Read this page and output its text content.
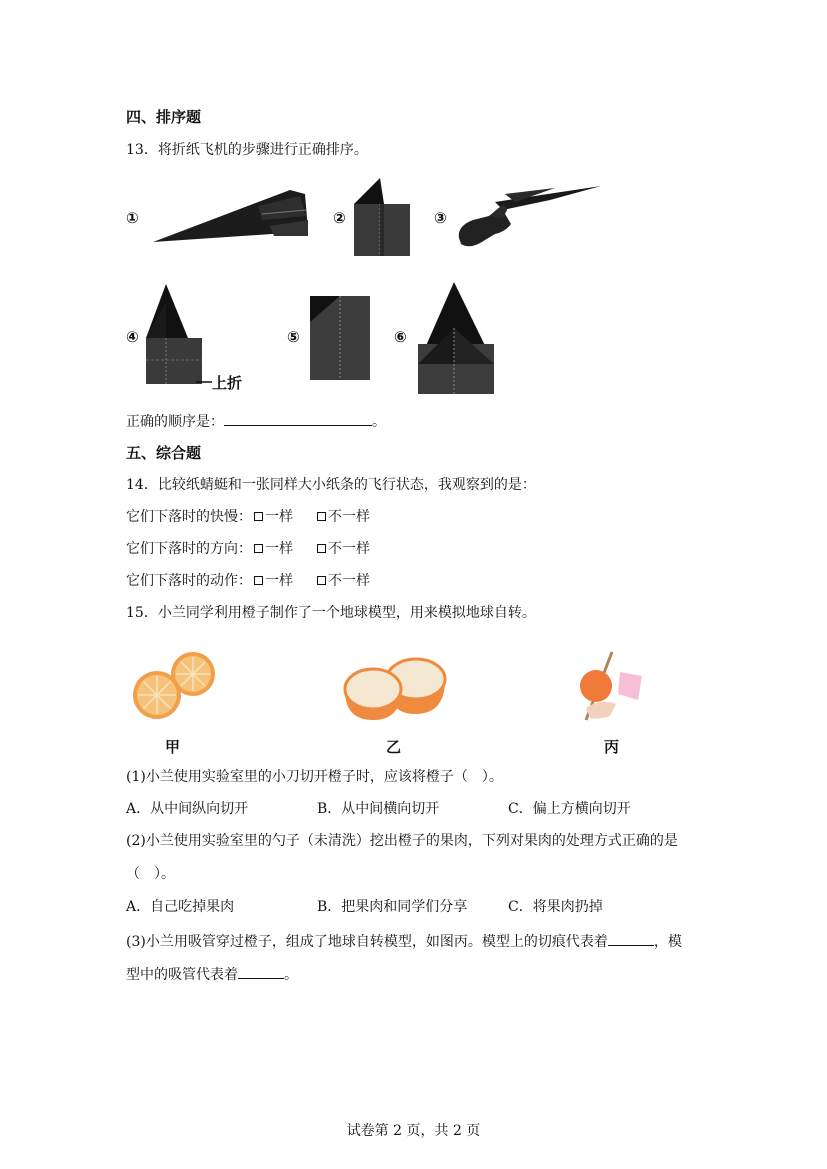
四、排序题
13．将折纸飞机的步骤进行正确排序。
①	②	③
④	⑤	⑥
上折
正确的顺序是：	。
五、综合题
14．比较纸蜻蜓和一张同样大小纸条的飞行状态，我观察到的是：
它们下落时的快慢： 一样	不一样
它们下落时的方向： 一样	不一样
它们下落时的动作： 一样	不一样
15．小兰同学利用橙子制作了一个地球模型，用来模拟地球自转。
甲	乙	丙
(1)小兰使用实验室里的小刀切开橙子时，应该将橙子（　）。
A．从中间纵向切开	B．从中间横向切开	C．偏上方横向切开
(2)小兰使用实验室里的勺子（未清洗）挖出橙子的果肉，下列对果肉的处理方式正确的是
（　）。
A．自己吃掉果肉	B．把果肉和同学们分享	C．将果肉扔掉
(3)小兰用吸管穿过橙子，组成了地球自转模型，如图丙。模型上的切痕代表着	，模
型中的吸管代表着	。
试卷第 2 页，共 2 页
